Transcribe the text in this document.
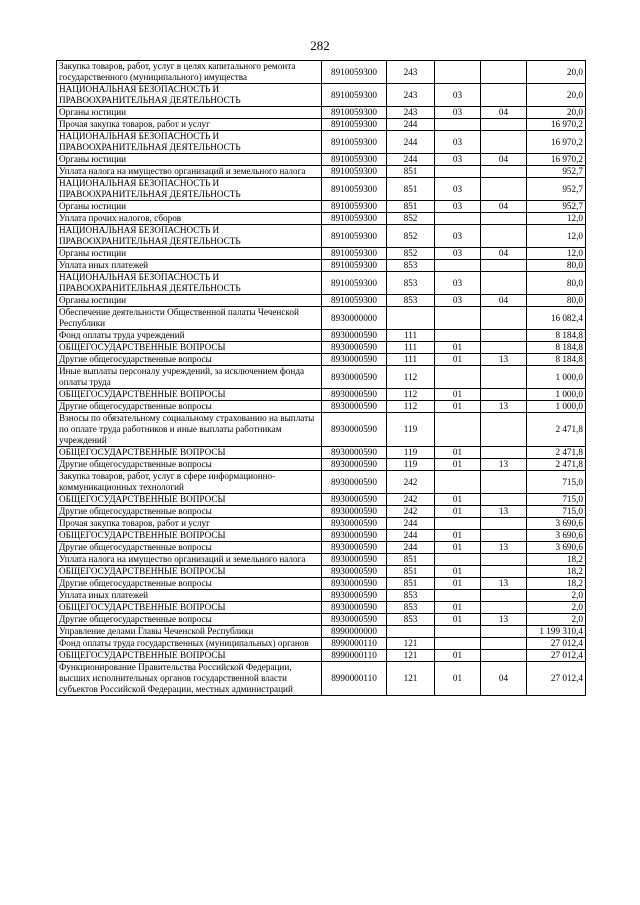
282
Закупка товаров, работ, услуг в целях капитального ремонта государственного (муниципального) имущества	8910059300	243			20,0
НАЦИОНАЛЬНАЯ БЕЗОПАСНОСТЬ И ПРАВООХРАНИТЕЛЬНАЯ ДЕЯТЕЛЬНОСТЬ	8910059300	243	03		20,0
Органы юстиции	8910059300	243	03	04	20,0
Прочая закупка товаров, работ и услуг	8910059300	244			16 970,2
НАЦИОНАЛЬНАЯ БЕЗОПАСНОСТЬ И ПРАВООХРАНИТЕЛЬНАЯ ДЕЯТЕЛЬНОСТЬ	8910059300	244	03		16 970,2
Органы юстиции	8910059300	244	03	04	16 970,2
Уплата налога на имущество организаций и земельного налога	8910059300	851			952,7
НАЦИОНАЛЬНАЯ БЕЗОПАСНОСТЬ И ПРАВООХРАНИТЕЛЬНАЯ ДЕЯТЕЛЬНОСТЬ	8910059300	851	03		952,7
Органы юстиции	8910059300	851	03	04	952,7
Уплата прочих налогов, сборов	8910059300	852			12,0
НАЦИОНАЛЬНАЯ БЕЗОПАСНОСТЬ И ПРАВООХРАНИТЕЛЬНАЯ ДЕЯТЕЛЬНОСТЬ	8910059300	852	03		12,0
Органы юстиции	8910059300	852	03	04	12,0
Уплата иных платежей	8910059300	853			80,0
НАЦИОНАЛЬНАЯ БЕЗОПАСНОСТЬ И ПРАВООХРАНИТЕЛЬНАЯ ДЕЯТЕЛЬНОСТЬ	8910059300	853	03		80,0
Органы юстиции	8910059300	853	03	04	80,0
Обеспечение деятельности Общественной палаты Чеченской Республики	8930000000				16 082,4
Фонд оплаты труда учреждений	8930000590	111			8 184,8
ОБЩЕГОСУДАРСТВЕННЫЕ ВОПРОСЫ	8930000590	111	01		8 184,8
Другие общегосударственные вопросы	8930000590	111	01	13	8 184,8
Иные выплаты персоналу учреждений, за исключением фонда оплаты труда	8930000590	112			1 000,0
ОБЩЕГОСУДАРСТВЕННЫЕ ВОПРОСЫ	8930000590	112	01		1 000,0
Другие общегосударственные вопросы	8930000590	112	01	13	1 000,0
Взносы по обязательному социальному страхованию на выплаты по оплате труда работников и иные выплаты работникам учреждений	8930000590	119			2 471,8
ОБЩЕГОСУДАРСТВЕННЫЕ ВОПРОСЫ	8930000590	119	01		2 471,8
Другие общегосударственные вопросы	8930000590	119	01	13	2 471,8
Закупка товаров, работ, услуг в сфере информационно-коммуникационных технологий	8930000590	242			715,0
ОБЩЕГОСУДАРСТВЕННЫЕ ВОПРОСЫ	8930000590	242	01		715,0
Другие общегосударственные вопросы	8930000590	242	01	13	715,0
Прочая закупка товаров, работ и услуг	8930000590	244			3 690,6
ОБЩЕГОСУДАРСТВЕННЫЕ ВОПРОСЫ	8930000590	244	01		3 690,6
Другие общегосударственные вопросы	8930000590	244	01	13	3 690,6
Уплата налога на имущество организаций и земельного налога	8930000590	851			18,2
ОБЩЕГОСУДАРСТВЕННЫЕ ВОПРОСЫ	8930000590	851	01		18,2
Другие общегосударственные вопросы	8930000590	851	01	13	18,2
Уплата иных платежей	8930000590	853			2,0
ОБЩЕГОСУДАРСТВЕННЫЕ ВОПРОСЫ	8930000590	853	01		2,0
Другие общегосударственные вопросы	8930000590	853	01	13	2,0
Управление делами Главы Чеченской Республики	8990000000				1 199 310,4
Фонд оплаты труда государственных (муниципальных) органов	8990000110	121			27 012,4
ОБЩЕГОСУДАРСТВЕННЫЕ ВОПРОСЫ	8990000110	121	01		27 012,4
Функционирование Правительства Российской Федерации, высших исполнительных органов государственной власти субъектов Российской Федерации, местных администраций	8990000110	121	01	04	27 012,4
